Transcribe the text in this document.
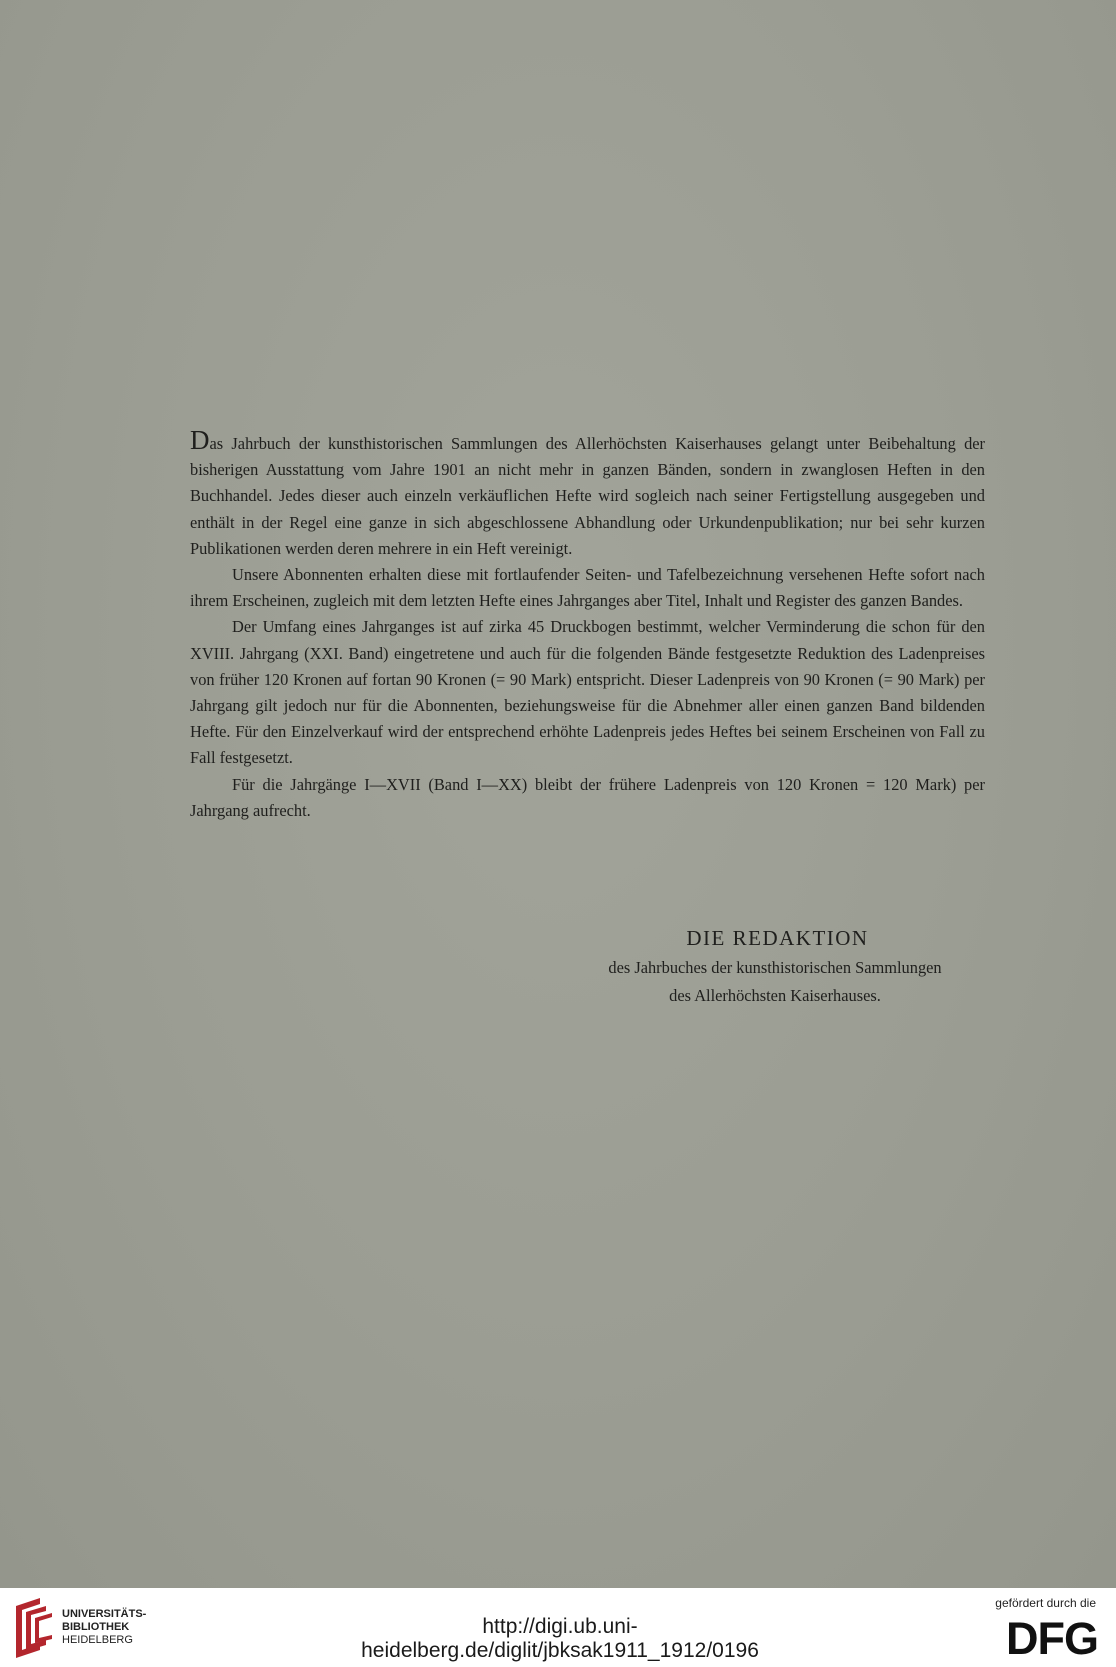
Das Jahrbuch der kunsthistorischen Sammlungen des Allerhöchsten Kaiserhauses gelangt unter Beibehaltung der bisherigen Ausstattung vom Jahre 1901 an nicht mehr in ganzen Bänden, sondern in zwanglosen Heften in den Buchhandel. Jedes dieser auch einzeln verkäuflichen Hefte wird sogleich nach seiner Fertigstellung ausgegeben und enthält in der Regel eine ganze in sich abgeschlossene Abhandlung oder Urkundenpublikation; nur bei sehr kurzen Publikationen werden deren mehrere in ein Heft vereinigt.

Unsere Abonnenten erhalten diese mit fortlaufender Seiten- und Tafelbezeichnung versehenen Hefte sofort nach ihrem Erscheinen, zugleich mit dem letzten Hefte eines Jahrganges aber Titel, Inhalt und Register des ganzen Bandes.

Der Umfang eines Jahrganges ist auf zirka 45 Druckbogen bestimmt, welcher Verminderung die schon für den XVIII. Jahrgang (XXI. Band) eingetretene und auch für die folgenden Bände festgesetzte Reduktion des Ladenpreises von früher 120 Kronen auf fortan 90 Kronen (= 90 Mark) entspricht. Dieser Ladenpreis von 90 Kronen (= 90 Mark) per Jahrgang gilt jedoch nur für die Abonnenten, beziehungsweise für die Abnehmer aller einen ganzen Band bildenden Hefte. Für den Einzelverkauf wird der entsprechend erhöhte Ladenpreis jedes Heftes bei seinem Erscheinen von Fall zu Fall festgesetzt.

Für die Jahrgänge I—XVII (Band I—XX) bleibt der frühere Ladenpreis von 120 Kronen = 120 Mark) per Jahrgang aufrecht.

DIE REDAKTION
des Jahrbuches der kunsthistorischen Sammlungen
des Allerhöchsten Kaiserhauses.
UNIVERSITÄTS-
BIBLIOTHEK
HEIDELBERG
http://digi.ub.uni-heidelberg.de/diglit/jbksak1911_1912/0196
gefördert durch die
DFG
